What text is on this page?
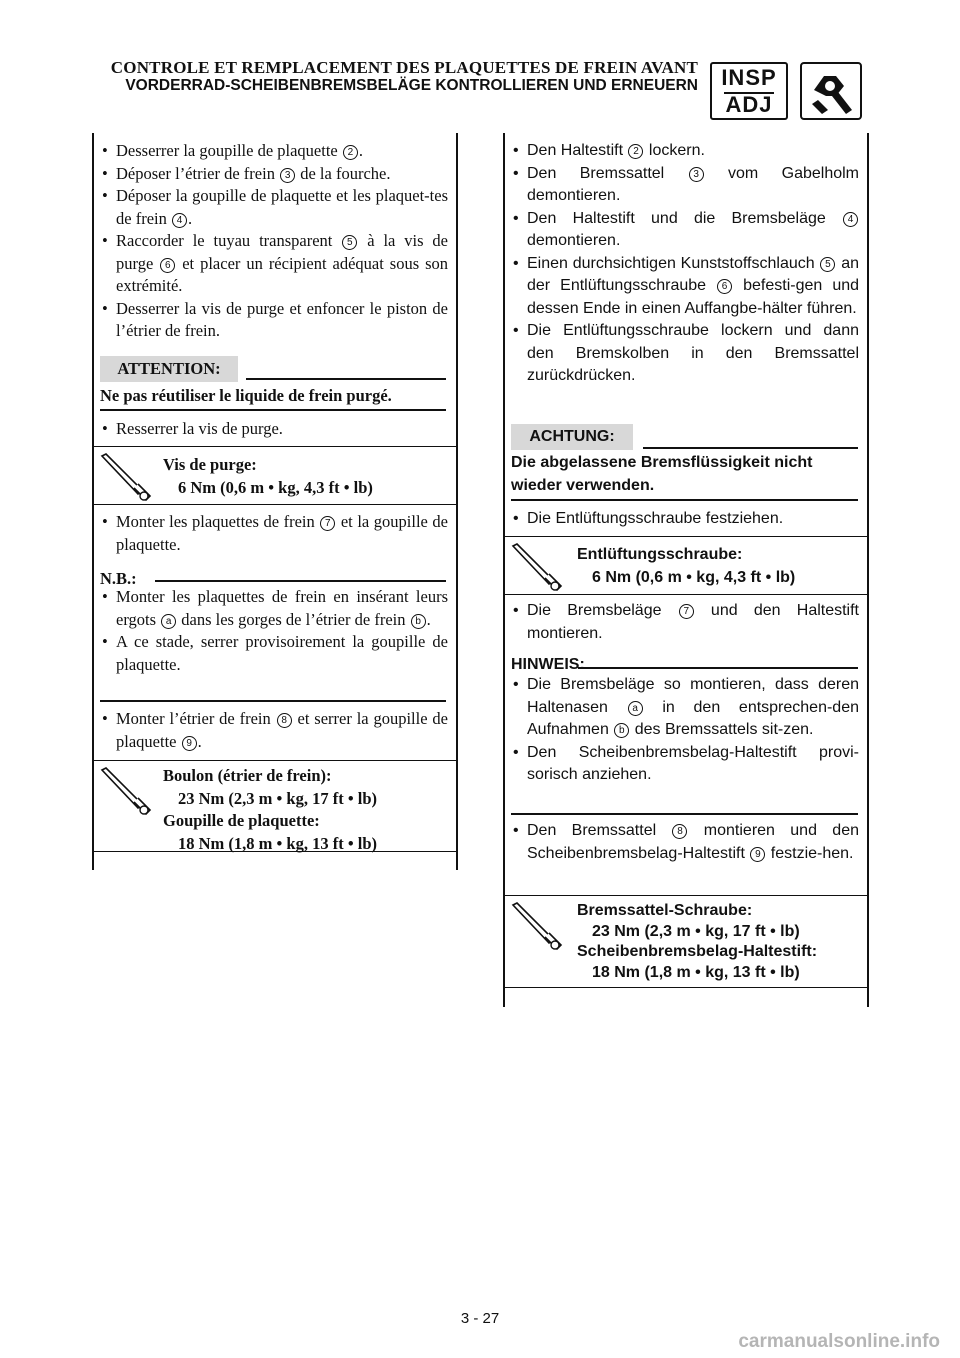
CONTROLE ET REMPLACEMENT DES PLAQUETTES DE FREIN AVANT
VORDERRAD-SCHEIBENBREMSBELÄGE KONTROLLIEREN UND ERNEUERN	INSP
ADJ
• Desserrer la goupille de plaquette 2 .
• Déposer l’étrier de frein 3 de la fourche.
• Déposer la goupille de plaquette et les plaquet-tes de frein 4 .
• Raccorder le tuyau transparent 5 à la vis de purge 6 et placer un récipient adéquat sous son extrémité.
• Desserrer la vis de purge et enfoncer le piston de l’étrier de frein.
ATTENTION:
Ne pas réutiliser le liquide de frein purgé.
• Resserrer la vis de purge.
Vis de purge:
6 Nm (0,6 m • kg, 4,3 ft • lb)
• Monter les plaquettes de frein 7 et la goupille de plaquette.
N.B.:
• Monter les plaquettes de frein en insérant leurs ergots a dans les gorges de l’étrier de frein b .
• A ce stade, serrer provisoirement la goupille de plaquette.
• Monter l’étrier de frein 8 et serrer la goupille de plaquette 9 .
Boulon (étrier de frein):
23 Nm (2,3 m • kg, 17 ft • lb)
Goupille de plaquette:
18 Nm (1,8 m • kg, 13 ft • lb)
• Den Haltestift 2 lockern.
• Den Bremssattel 3 vom Gabelholm demontieren.
• Den Haltestift und die Bremsbeläge 4 demontieren.
• Einen durchsichtigen Kunststoffschlauch 5 an der Entlüftungsschraube 6 befesti-gen und dessen Ende in einen Auffangbe-hälter führen.
• Die Entlüftungsschraube lockern und dann den Bremskolben in den Bremssattel zurückdrücken.
ACHTUNG:
Die abgelassene Bremsflüssigkeit nicht wieder verwenden.
• Die Entlüftungsschraube festziehen.
Entlüftungsschraube:
6 Nm (0,6 m • kg, 4,3 ft • lb)
• Die Bremsbeläge 7 und den Haltestift montieren.
HINWEIS:
• Die Bremsbeläge so montieren, dass deren Haltenasen a in den entsprechen-den Aufnahmen b des Bremssattels sit-zen.
• Den Scheibenbremsbelag-Haltestift provi-sorisch anziehen.
• Den Bremssattel 8 montieren und den Scheibenbremsbelag-Haltestift 9 festzie-hen.
Bremssattel-Schraube:
23 Nm (2,3 m • kg, 17 ft • lb)
Scheibenbremsbelag-Haltestift:
18 Nm (1,8 m • kg, 13 ft • lb)
3 - 27
carmanualsonline.info
